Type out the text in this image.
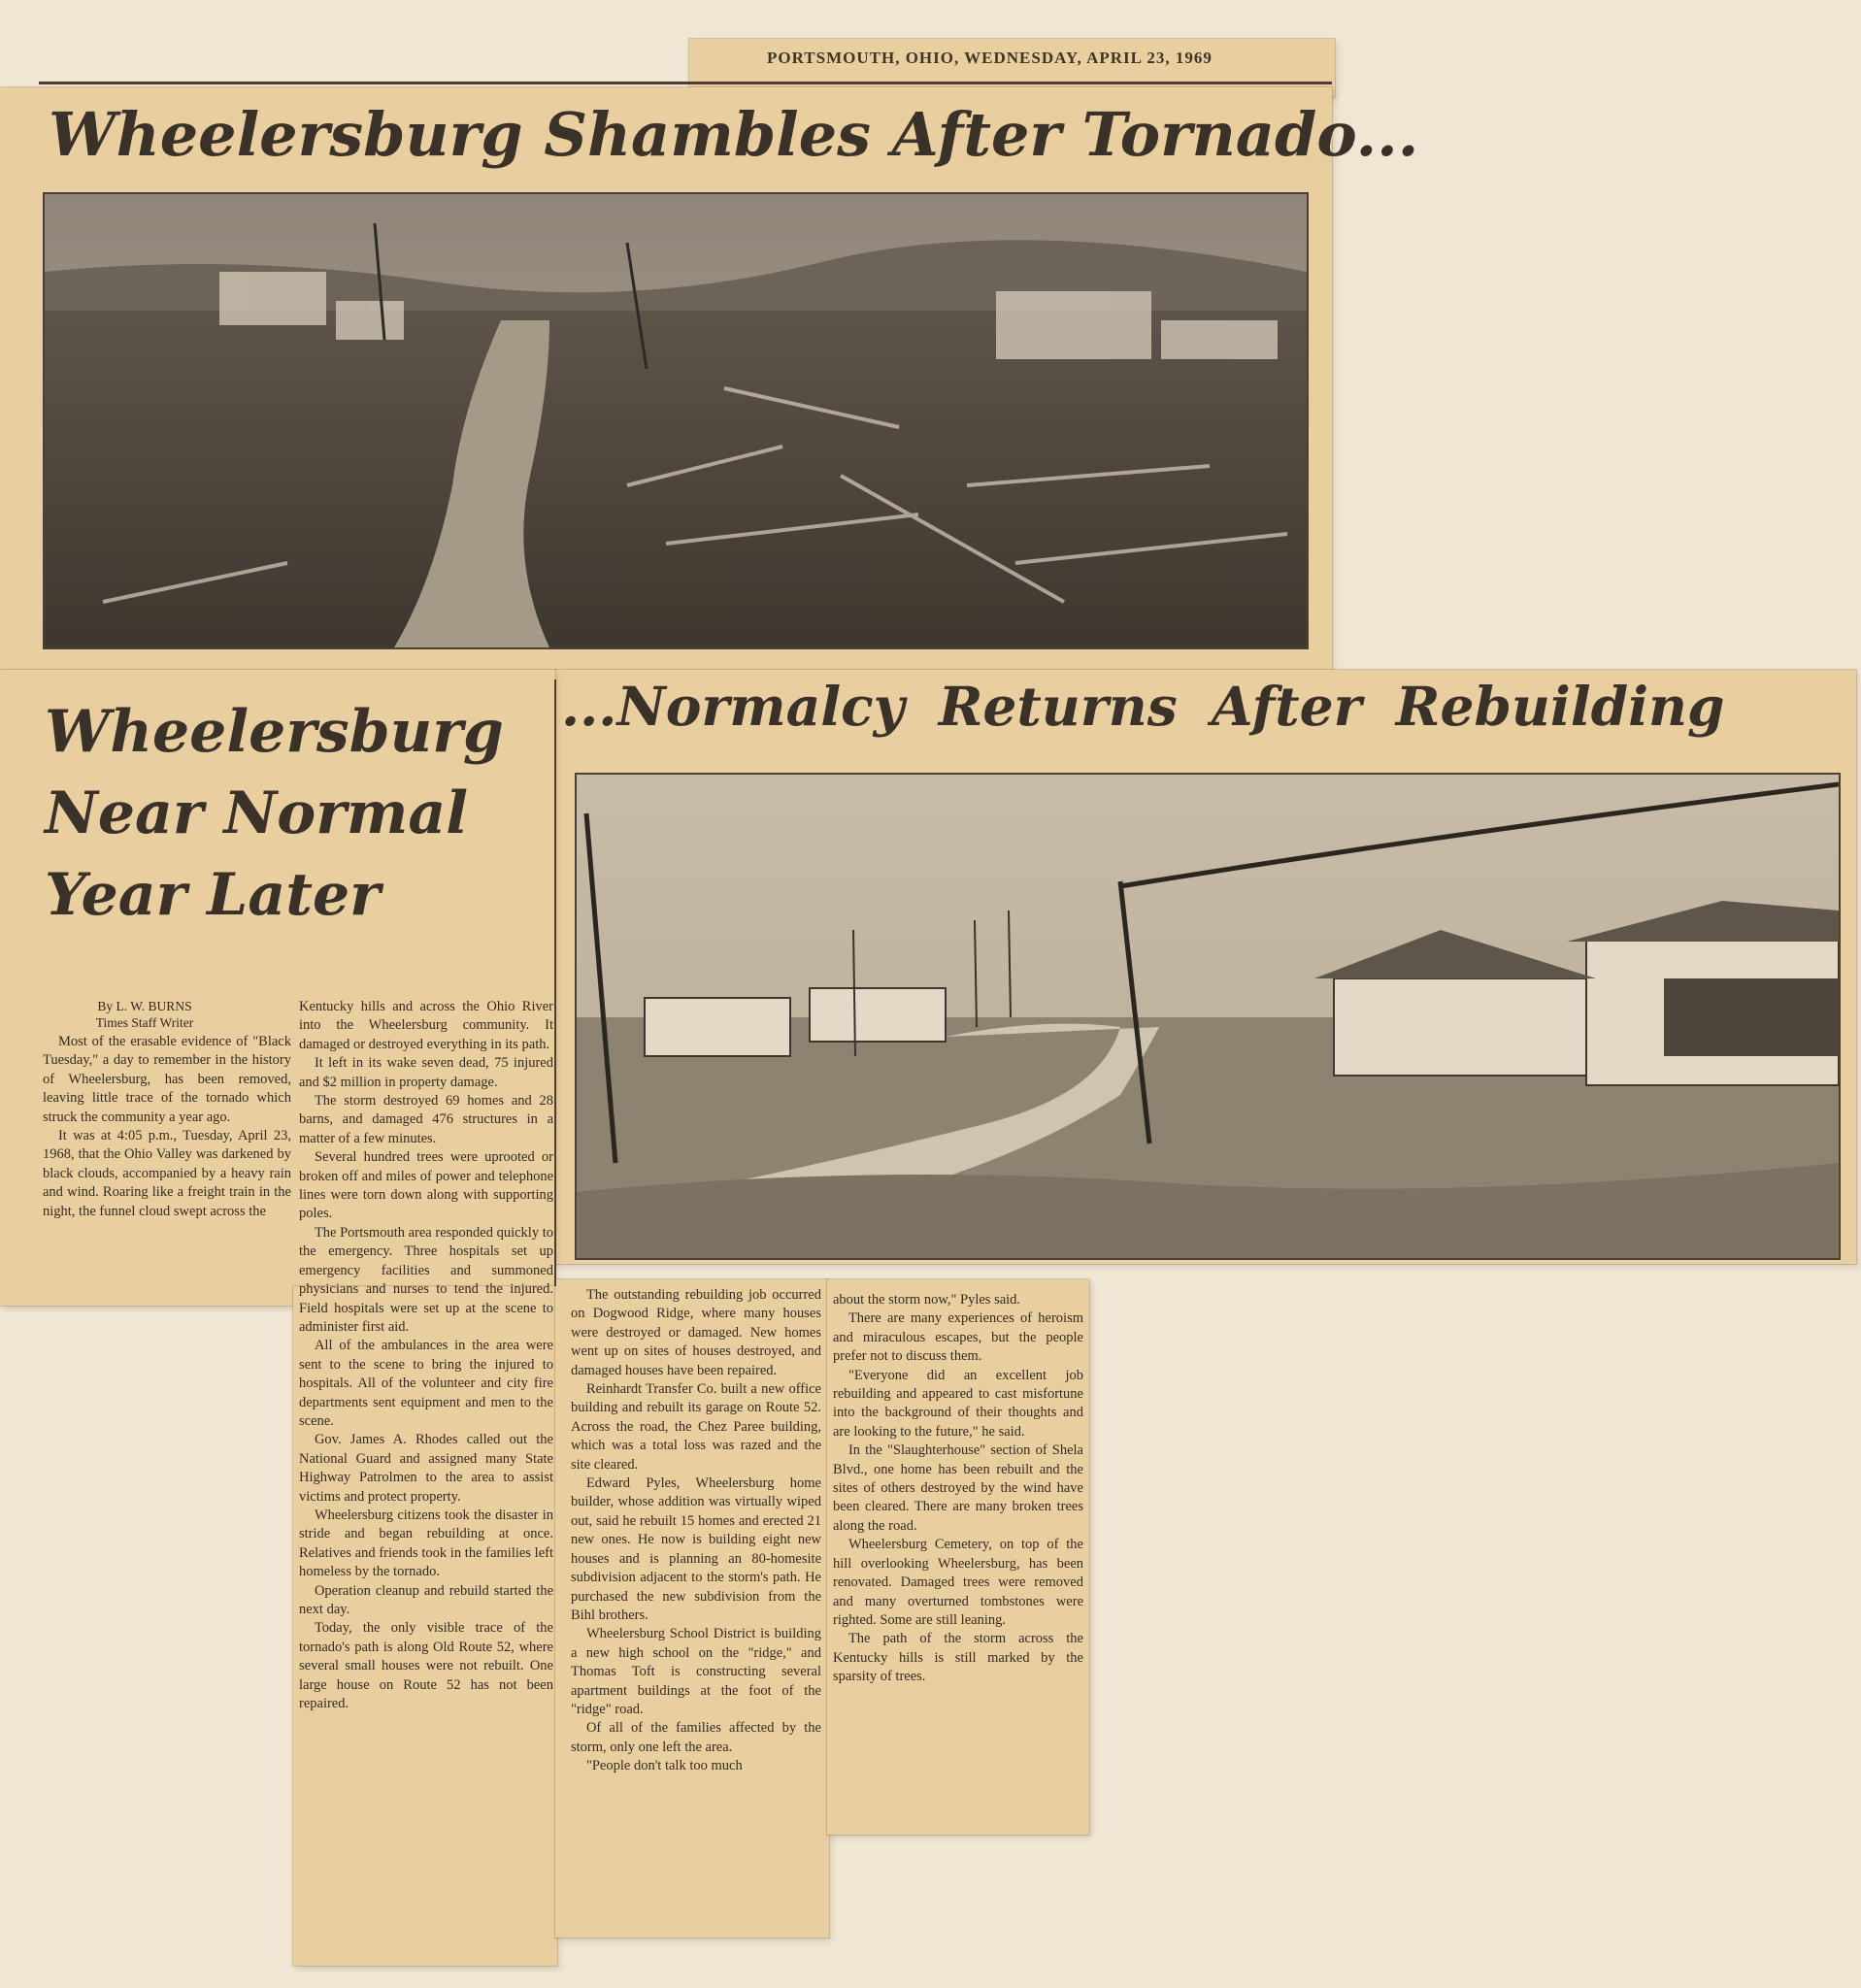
PORTSMOUTH, OHIO, WEDNESDAY, APRIL 23, 1969
Wheelersburg Shambles After Tornado...
Wheelersburg Near Normal Year Later
...Normalcy Returns After Rebuilding
By L. W. BURNS
Times Staff Writer

Most of the erasable evidence of "Black Tuesday," a day to remember in the history of Wheelersburg, has been removed, leaving little trace of the tornado which struck the community a year ago.

It was at 4:05 p.m., Tuesday, April 23, 1968, that the Ohio Valley was darkened by black clouds, accompanied by a heavy rain and wind. Roaring like a freight train in the night, the funnel cloud swept across the

Kentucky hills and across the Ohio River into the Wheelersburg community. It damaged or destroyed everything in its path.

It left in its wake seven dead, 75 injured and $2 million in property damage.

The storm destroyed 69 homes and 28 barns, and damaged 476 structures in a matter of a few minutes.

Several hundred trees were uprooted or broken off and miles of power and telephone lines were torn down along with supporting poles.

The Portsmouth area responded quickly to the emergency. Three hospitals set up emergency facilities and summoned physicians and nurses to tend the injured. Field hospitals were set up at the scene to administer first aid.

All of the ambulances in the area were sent to the scene to bring the injured to hospitals. All of the volunteer and city fire departments sent equipment and men to the scene.

Gov. James A. Rhodes called out the National Guard and assigned many State Highway Patrolmen to the area to assist victims and protect property.

Wheelersburg citizens took the disaster in stride and began rebuilding at once. Relatives and friends took in the families left homeless by the tornado.

Operation cleanup and rebuild started the next day.

Today, the only visible trace of the tornado's path is along Old Route 52, where several small houses were not rebuilt. One large house on Route 52 has not been repaired.

The outstanding rebuilding job occurred on Dogwood Ridge, where many houses were destroyed or damaged. New homes went up on sites of houses destroyed, and damaged houses have been repaired.

Reinhardt Transfer Co. built a new office building and rebuilt its garage on Route 52. Across the road, the Chez Paree building, which was a total loss was razed and the site cleared.

Edward Pyles, Wheelersburg home builder, whose addition was virtually wiped out, said he rebuilt 15 homes and erected 21 new ones. He now is building eight new houses and is planning an 80-homesite subdivision adjacent to the storm's path. He purchased the new subdivision from the Bihl brothers.

Wheelersburg School District is building a new high school on the "ridge," and Thomas Toft is constructing several apartment buildings at the foot of the "ridge" road.

Of all of the families affected by the storm, only one left the area.

"People don't talk too much

about the storm now," Pyles said.

There are many experiences of heroism and miraculous escapes, but the people prefer not to discuss them.

"Everyone did an excellent job rebuilding and appeared to cast misfortune into the background of their thoughts and are looking to the future," he said.

In the "Slaughterhouse" section of Shela Blvd., one home has been rebuilt and the sites of others destroyed by the wind have been cleared. There are many broken trees along the road.

Wheelersburg Cemetery, on top of the hill overlooking Wheelersburg, has been renovated. Damaged trees were removed and many overturned tombstones were righted. Some are still leaning.

The path of the storm across the Kentucky hills is still marked by the sparsity of trees.
